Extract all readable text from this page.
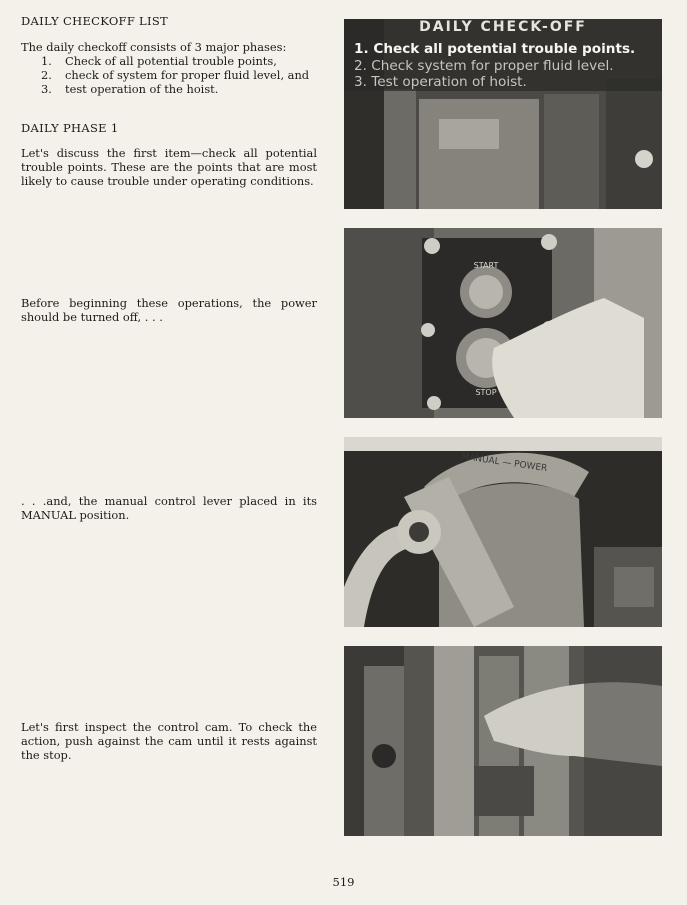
DAILY CHECKOFF LIST

The daily checkoff consists of 3 major phases:

1. Check of all potential trouble points,
2. check of system for proper fluid level, and
3. test operation of the hoist.
DAILY PHASE 1

Let's discuss the first item—check all potential trouble points. These are the points that are most likely to cause trouble under operating conditions.

Before beginning these operations, the power should be turned off, . . .

. . .and, the manual control lever placed in its MANUAL position.

Let's first inspect the control cam. To check the action, push against the cam until it rests against the stop.

DAILY CHECK-OFF
1. Check all potential trouble points.
2. Check system for proper fluid level.
3. Test operation of hoist.
START
STOP
MANUAL — POWER
519
